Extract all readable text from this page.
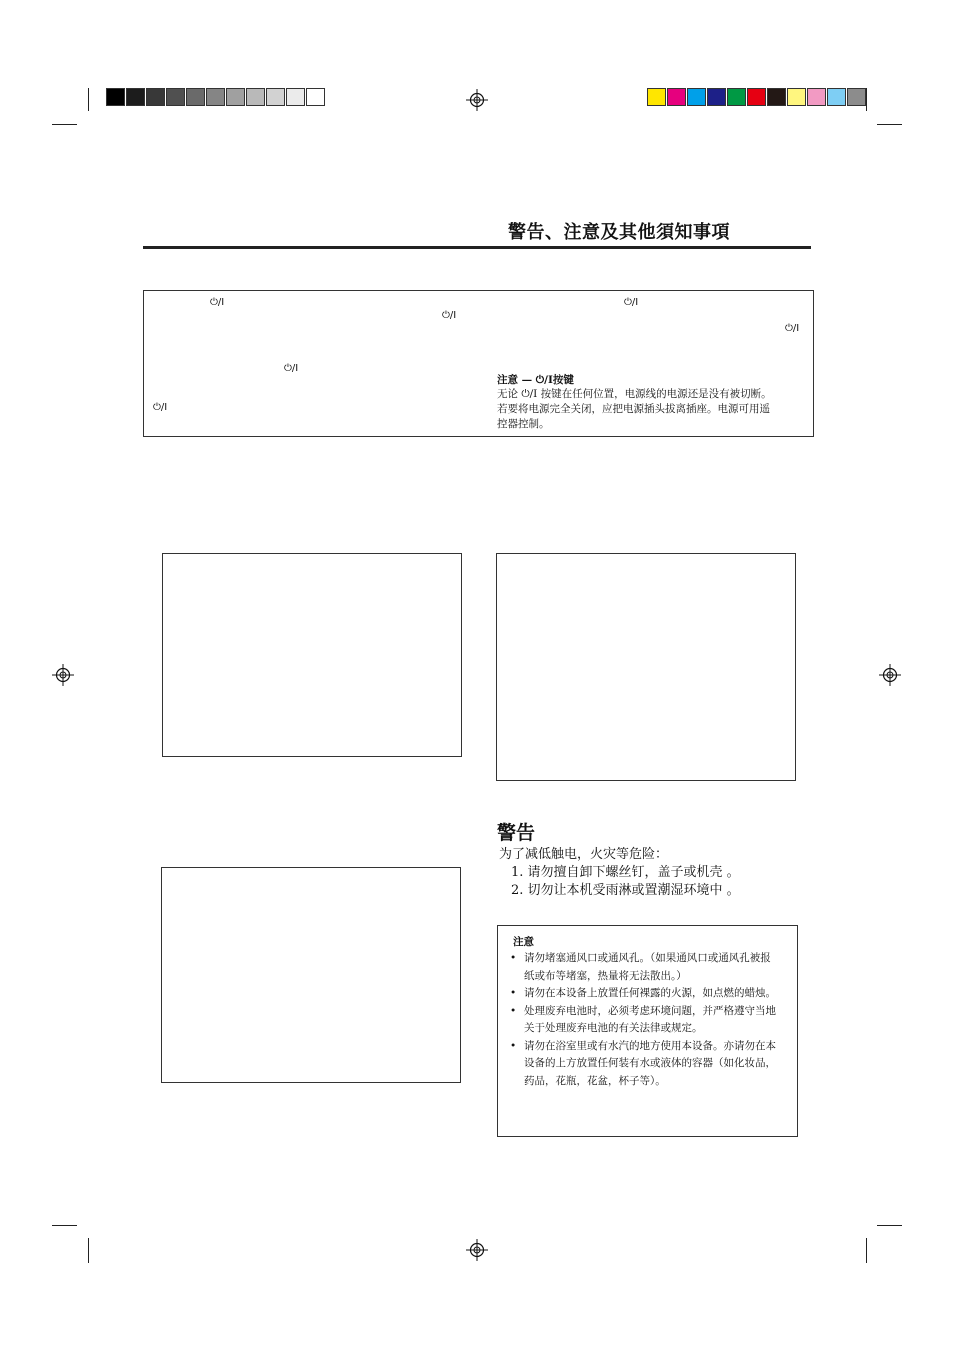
警告、注意及其他須知事項
⏻/I
⏻/I
⏻/I
⏻/I
⏻/I
⏻/I
注意 — ⏻/I按键
无论 ⏻/I 按键在任何位置，电源线的电源还是没有被切断。
若要将电源完全关闭，应把电源插头拔离插座。电源可用遥
控器控制。
警告
为了减低触电，火灾等危险：
1. 请勿擅自卸下螺丝钉，盖子或机壳 。
2. 切勿让本机受雨淋或置潮湿环境中 。
注意
• 请勿堵塞通风口或通风孔。（如果通风口或通风孔被报纸或布等堵塞，热量将无法散出。）
• 请勿在本设备上放置任何裸露的火源，如点燃的蜡烛。
• 处理废弃电池时，必须考虑环境问题，并严格遵守当地关于处理废弃电池的有关法律或规定。
• 请勿在浴室里或有水汽的地方使用本设备。亦请勿在本设备的上方放置任何装有水或液体的容器（如化妆品，药品，花瓶，花盆，杯子等）。
